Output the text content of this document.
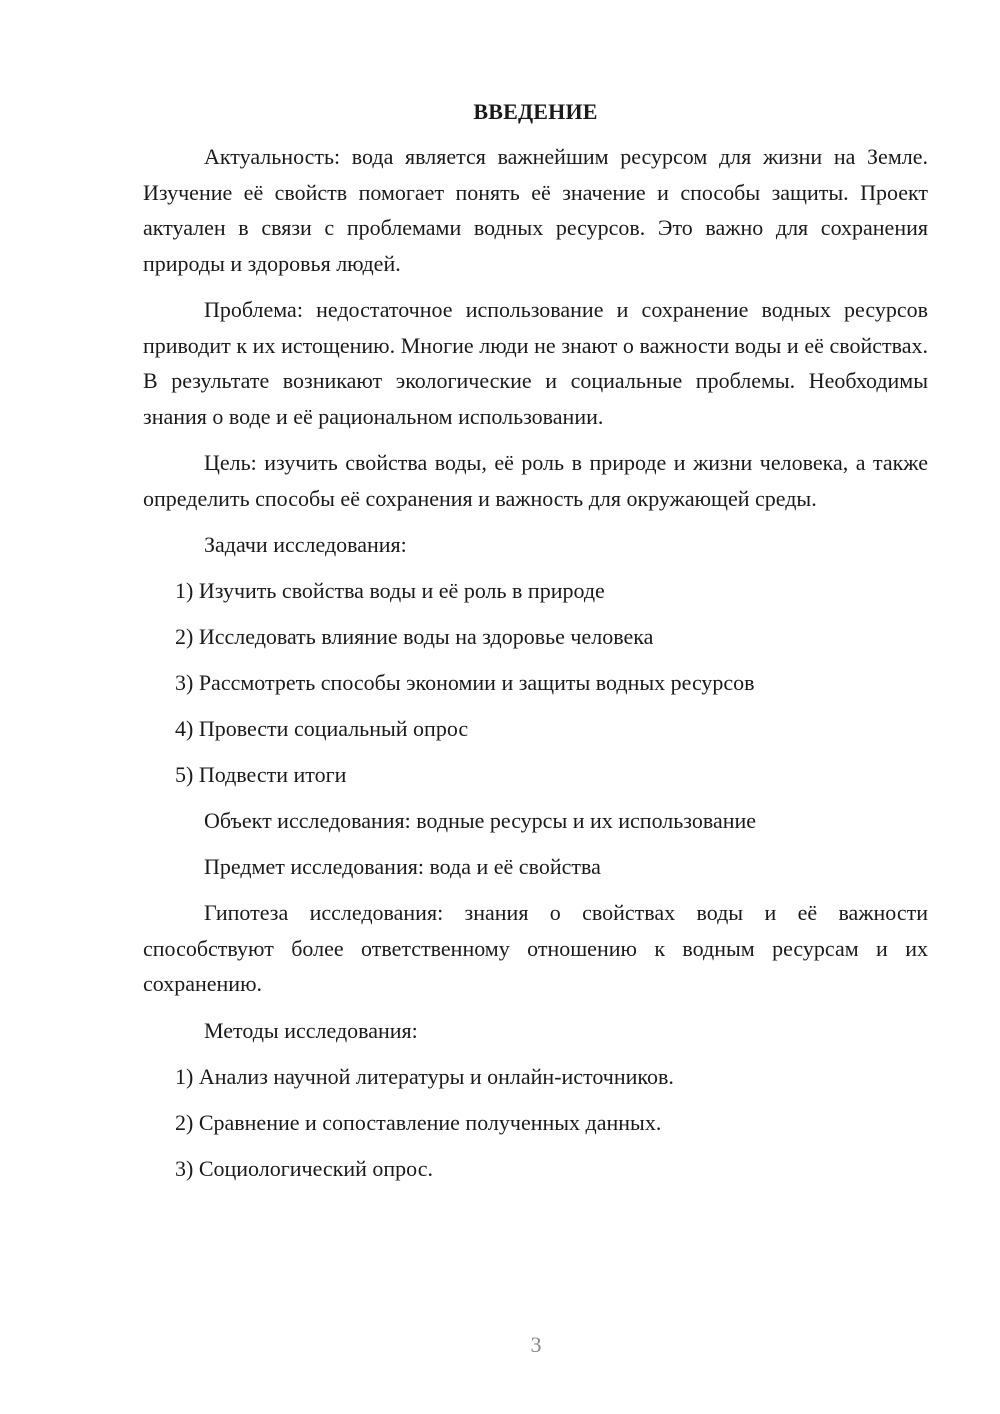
ВВЕДЕНИЕ

Актуальность: вода является важнейшим ресурсом для жизни на Земле. Изучение её свойств помогает понять её значение и способы защиты. Проект актуален в связи с проблемами водных ресурсов. Это важно для сохранения природы и здоровья людей.

Проблема: недостаточное использование и сохранение водных ресурсов приводит к их истощению. Многие люди не знают о важности воды и её свойствах. В результате возникают экологические и социальные проблемы. Необходимы знания о воде и её рациональном использовании.

Цель: изучить свойства воды, её роль в природе и жизни человека, а также определить способы её сохранения и важность для окружающей среды.

Задачи исследования:

1) Изучить свойства воды и её роль в природе

2) Исследовать влияние воды на здоровье человека

3) Рассмотреть способы экономии и защиты водных ресурсов

4) Провести социальный опрос

5) Подвести итоги

Объект исследования: водные ресурсы и их использование

Предмет исследования: вода и её свойства

Гипотеза исследования: знания о свойствах воды и её важности способствуют более ответственному отношению к водным ресурсам и их сохранению.

Методы исследования:

1) Анализ научной литературы и онлайн-источников.

2) Сравнение и сопоставление полученных данных.

3) Социологический опрос.

3
